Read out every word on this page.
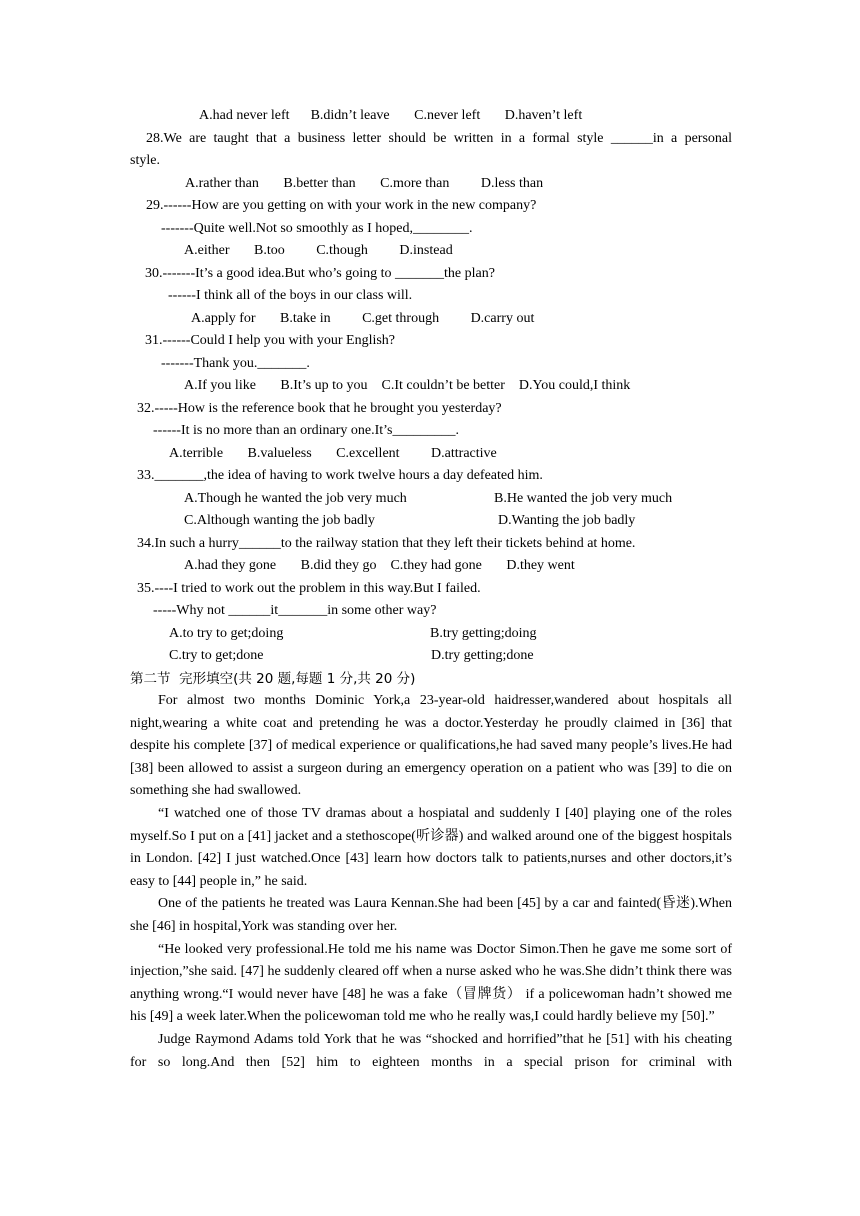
A.had never left      B.didn’t leave       C.never left       D.haven’t left
28.We are taught that a business letter should be written in a formal style ______in a personal
style.
A.rather than       B.better than       C.more than         D.less than
29.------How are you getting on with your work in the new company?
-------Quite well.Not so smoothly as I hoped,________.
A.either       B.too         C.though         D.instead
30.-------It’s a good idea.But who’s going to _______the plan?
------I think all of the boys in our class will.
A.apply for       B.take in         C.get through         D.carry out
31.------Could I help you with your English?
-------Thank you._______.
A.If you like       B.It’s up to you    C.It couldn’t be better    D.You could,I think
32.-----How is the reference book that he brought you yesterday?
------It is no more than an ordinary one.It’s_________.
A.terrible       B.valueless       C.excellent         D.attractive
33._______,the idea of having to work twelve hours a day defeated him.
A.Though he wanted the job very much	B.He wanted the job very much
C.Although wanting the job badly	D.Wanting the job badly
34.In such a hurry______to the railway station that they left their tickets behind at home.
A.had they gone       B.did they go    C.they had gone       D.they went
35.----I tried to work out the problem in this way.But I failed.
-----Why not ______it_______in some other way?
A.to try to get;doing	B.try getting;doing
C.try to get;done	D.try getting;done
第二节  完形填空(共 20 题,每题 1 分,共 20 分)

For almost two months Dominic York,a 23-year-old haidresser,wandered about hospitals all night,wearing a white coat and pretending he was a doctor.Yesterday he proudly claimed in [36] that despite his complete [37] of medical experience or qualifications,he had saved many people’s lives.He had [38] been allowed to assist a surgeon during an emergency operation on a patient who was [39] to die on something she had swallowed.

“I watched one of those TV dramas about a hospiatal and suddenly I [40] playing one of the roles myself.So I put on a [41] jacket and a stethoscope(听诊器) and walked around one of the biggest hospitals in London. [42] I just watched.Once [43] learn how doctors talk to patients,nurses and other doctors,it’s easy to [44] people in,” he said.

One of the patients he treated was Laura Kennan.She had been [45] by a car and fainted(昏迷).When she [46] in hospital,York was standing over her.

“He looked very professional.He told me his name was Doctor Simon.Then he gave me some sort of injection,”she said. [47] he suddenly cleared off when a nurse asked who he was.She didn’t think there was anything wrong.“I would never have [48] he was a fake（冒牌货） if a policewoman hadn’t showed me his [49] a week later.When the policewoman told me who he really was,I could hardly believe my [50].”

Judge Raymond Adams told York that he was “shocked and horrified”that he [51] with his cheating for so long.And then [52] him to eighteen months in a special prison for criminal with
